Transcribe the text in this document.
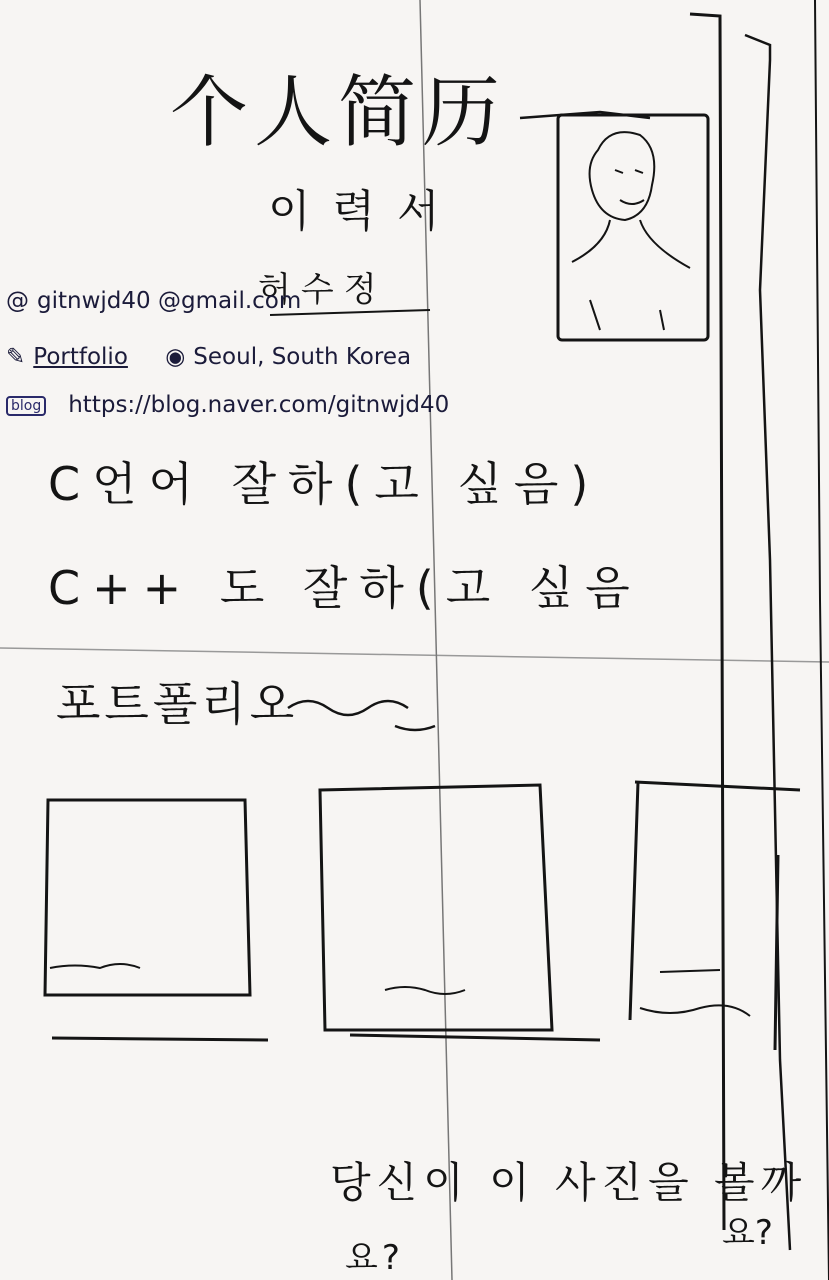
个人简历
이력서
허수정
@ gitnwjd40 @gmail.com
✎ Portfolio ◉ Seoul, South Korea
blog https://blog.naver.com/gitnwjd40
C언어 잘하(고 싶음)
C++ 도 잘하(고 싶음
포트폴리오
당신이 이 사진을 볼까
요?
요?
